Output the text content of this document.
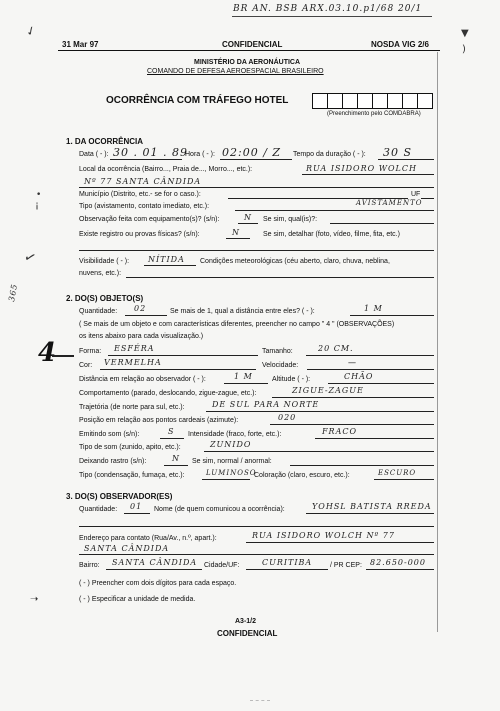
BR AN. BSB ARX.03.10.p1/68 20/1
✓	▼
)
31 Mar 97	CONFIDENCIAL	NOSDA VIG 2/6
MINISTÉRIO DA AERONÁUTICA
COMANDO DE DEFESA AEROESPACIAL BRASILEIRO
OCORRÊNCIA COM TRÁFEGO HOTEL
(Preenchimento pelo COMDABRA)
1. DA OCORRÊNCIA
Data ( - ): 30 . 01 . 89
Hora ( - ): 02:00 / Z Tempo da duração ( - ): 30 S
Local da ocorrência (Bairro..., Praia de..., Morro..., etc.):	RUA ISIDORO WOLCH
Nº 77 SANTA CÂNDIDA
•	Município (Distrito, etc.- se for o caso.):	UF
¡	Tipo (avistamento, contato imediato, etc.):	AVISTAMENTO
Observação feita com equipamento(s)? (s/n):	N Se sim, qual(is)?:
Existe registro ou provas físicas? (s/n):	N	Se sim, detalhar (foto, vídeo, filme, fita, etc.)
Visibilidade ( - ): NÍTIDA Condições meteorológicas (céu aberto, claro, chuva, neblina,
nuvens, etc.):
✓
365	2. DO(S) OBJETO(S)
Quantidade: 02	Se mais de 1, qual a distância entre eles? ( - ):	1 M
( Se mais de um objeto e com características diferentes, preencher no campo " 4 " (OBSERVAÇÕES)
os itens abaixo para cada visualização.)
4	Forma: ESFÉRA	Tamanho:	20 CM.
Cor: VERMELHA	Velocidade:	—
Distância em relação ao observador ( - ):	1 M	Altitude ( - ):	CHÃO
Comportamento (parado, deslocando, zigue-zague, etc.):	ZIGUE-ZAGUE
Trajetória (de norte para sul, etc.):	DE SUL PARA NORTE
Posição em relação aos pontos cardeais (azimute):	020
Emitindo som (s/n):	S Intensidade (fraco, forte, etc.):	FRACO
Tipo de som (zunido, apito, etc.):	ZUNIDO
Deixando rastro (s/n):	N Se sim, normal / anormal:
Tipo (condensação, fumaça, etc.):	LUMINOSO
Coloração (claro, escuro, etc.):	ESCURO
3. DO(S) OBSERVADOR(ES)
Quantidade: 01 Nome (de quem comunicou a ocorrência):	YOHSL BATISTA RREDA
Endereço para contato (Rua/Av., n.º, apart.):	RUA ISIDORO WOLCH Nº 77
SANTA CÂNDIDA
Bairro: SANTA CÂNDIDA Cidade/UF:	CURITIBA	/ PR CEP: 82.650-000
( - ) Preencher com dois dígitos para cada espaço.
( - ) Especificar a unidade de medida.
➝
A3-1/2
CONFIDENCIAL
